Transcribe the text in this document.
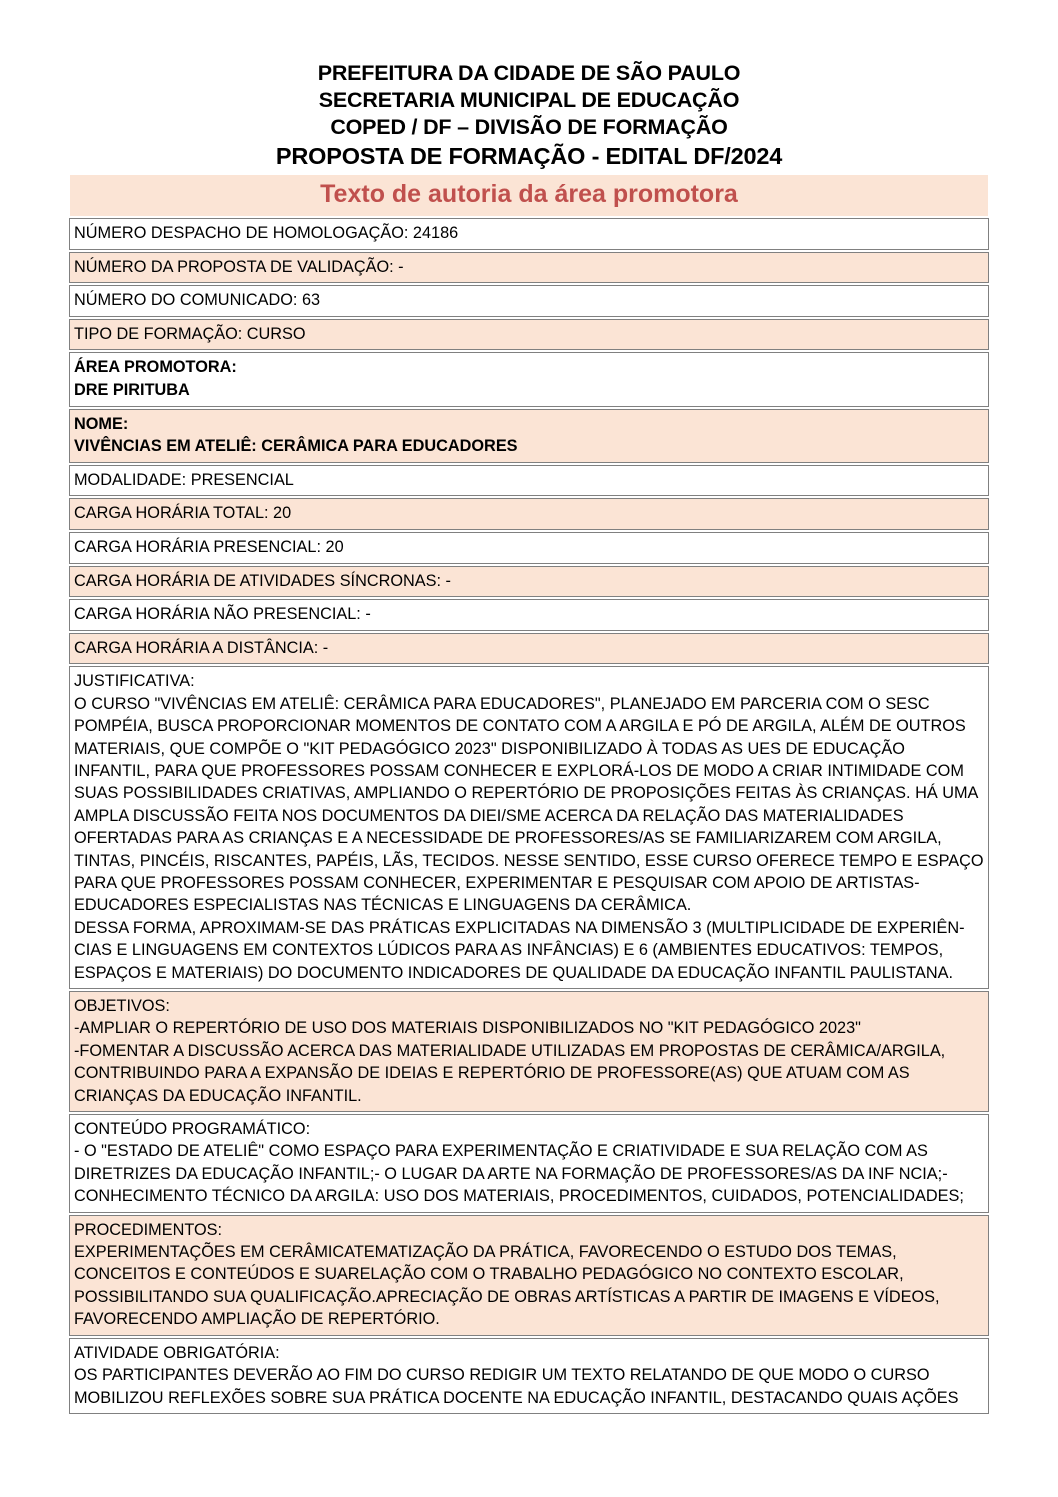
PREFEITURA DA CIDADE DE SÃO PAULO
SECRETARIA MUNICIPAL DE EDUCAÇÃO
COPED / DF – DIVISÃO DE FORMAÇÃO
PROPOSTA DE FORMAÇÃO - EDITAL DF/2024
Texto de autoria da área promotora
NÚMERO DESPACHO DE HOMOLOGAÇÃO: 24186

NÚMERO DA PROPOSTA DE VALIDAÇÃO: -

NÚMERO DO COMUNICADO: 63

TIPO DE FORMAÇÃO: CURSO

ÁREA PROMOTORA:
DRE PIRITUBA

NOME:
VIVÊNCIAS EM ATELIÊ: CERÂMICA PARA EDUCADORES

MODALIDADE: PRESENCIAL

CARGA HORÁRIA TOTAL: 20

CARGA HORÁRIA PRESENCIAL: 20

CARGA HORÁRIA DE ATIVIDADES SÍNCRONAS: -

CARGA HORÁRIA NÃO PRESENCIAL: -

CARGA HORÁRIA A DISTÂNCIA: -

JUSTIFICATIVA:
O CURSO "VIVÊNCIAS EM ATELIÊ: CERÂMICA PARA EDUCADORES", PLANEJADO EM PARCERIA COM O SESC
POMPÉIA, BUSCA PROPORCIONAR MOMENTOS DE CONTATO COM A ARGILA E PÓ DE ARGILA, ALÉM DE OUTROS
MATERIAIS, QUE COMPÕE O "KIT PEDAGÓGICO 2023" DISPONIBILIZADO À TODAS AS UES DE EDUCAÇÃO
INFANTIL, PARA QUE PROFESSORES POSSAM CONHECER E EXPLORÁ-LOS DE MODO A CRIAR INTIMIDADE COM
SUAS POSSIBILIDADES CRIATIVAS, AMPLIANDO O REPERTÓRIO DE PROPOSIÇÕES FEITAS ÀS CRIANÇAS. HÁ UMA
AMPLA DISCUSSÃO FEITA NOS DOCUMENTOS DA DIEI/SME ACERCA DA RELAÇÃO DAS MATERIALIDADES
OFERTADAS PARA AS CRIANÇAS E A NECESSIDADE DE PROFESSORES/AS SE FAMILIARIZAREM COM ARGILA,
TINTAS, PINCÉIS, RISCANTES, PAPÉIS, LÃS, TECIDOS. NESSE SENTIDO, ESSE CURSO OFERECE TEMPO E ESPAÇO
PARA QUE PROFESSORES POSSAM CONHECER, EXPERIMENTAR E PESQUISAR COM APOIO DE ARTISTAS-
EDUCADORES ESPECIALISTAS NAS TÉCNICAS E LINGUAGENS DA CERÂMICA.
DESSA FORMA, APROXIMAM-SE DAS PRÁTICAS EXPLICITADAS NA DIMENSÃO 3 (MULTIPLICIDADE DE EXPERIÊN-
CIAS E LINGUAGENS EM CONTEXTOS LÚDICOS PARA AS INFÂNCIAS) E 6 (AMBIENTES EDUCATIVOS: TEMPOS,
ESPAÇOS E MATERIAIS) DO DOCUMENTO INDICADORES DE QUALIDADE DA EDUCAÇÃO INFANTIL PAULISTANA.

OBJETIVOS:
-AMPLIAR O REPERTÓRIO DE USO DOS MATERIAIS DISPONIBILIZADOS NO "KIT PEDAGÓGICO 2023"
-FOMENTAR A DISCUSSÃO ACERCA DAS MATERIALIDADE UTILIZADAS EM PROPOSTAS DE CERÂMICA/ARGILA,
CONTRIBUINDO PARA A EXPANSÃO DE IDEIAS E REPERTÓRIO DE PROFESSORE(AS) QUE ATUAM COM AS
CRIANÇAS DA EDUCAÇÃO INFANTIL.

CONTEÚDO PROGRAMÁTICO:
- O "ESTADO DE ATELIÊ" COMO ESPAÇO PARA EXPERIMENTAÇÃO E CRIATIVIDADE E SUA RELAÇÃO COM AS
DIRETRIZES DA EDUCAÇÃO INFANTIL;- O LUGAR DA ARTE NA FORMAÇÃO DE PROFESSORES/AS DA INF NCIA;-
CONHECIMENTO TÉCNICO DA ARGILA: USO DOS MATERIAIS, PROCEDIMENTOS, CUIDADOS, POTENCIALIDADES;

PROCEDIMENTOS:
EXPERIMENTAÇÕES EM CERÂMICATEMATIZAÇÃO DA PRÁTICA, FAVORECENDO O ESTUDO DOS TEMAS,
CONCEITOS E CONTEÚDOS E SUARELAÇÃO COM O TRABALHO PEDAGÓGICO NO CONTEXTO ESCOLAR,
POSSIBILITANDO SUA QUALIFICAÇÃO.APRECIAÇÃO DE OBRAS ARTÍSTICAS A PARTIR DE IMAGENS E VÍDEOS,
FAVORECENDO AMPLIAÇÃO DE REPERTÓRIO.

ATIVIDADE OBRIGATÓRIA:
OS PARTICIPANTES DEVERÃO AO FIM DO CURSO REDIGIR UM TEXTO RELATANDO DE QUE MODO O CURSO
MOBILIZOU REFLEXÕES SOBRE SUA PRÁTICA DOCENTE NA EDUCAÇÃO INFANTIL, DESTACANDO QUAIS AÇÕES
